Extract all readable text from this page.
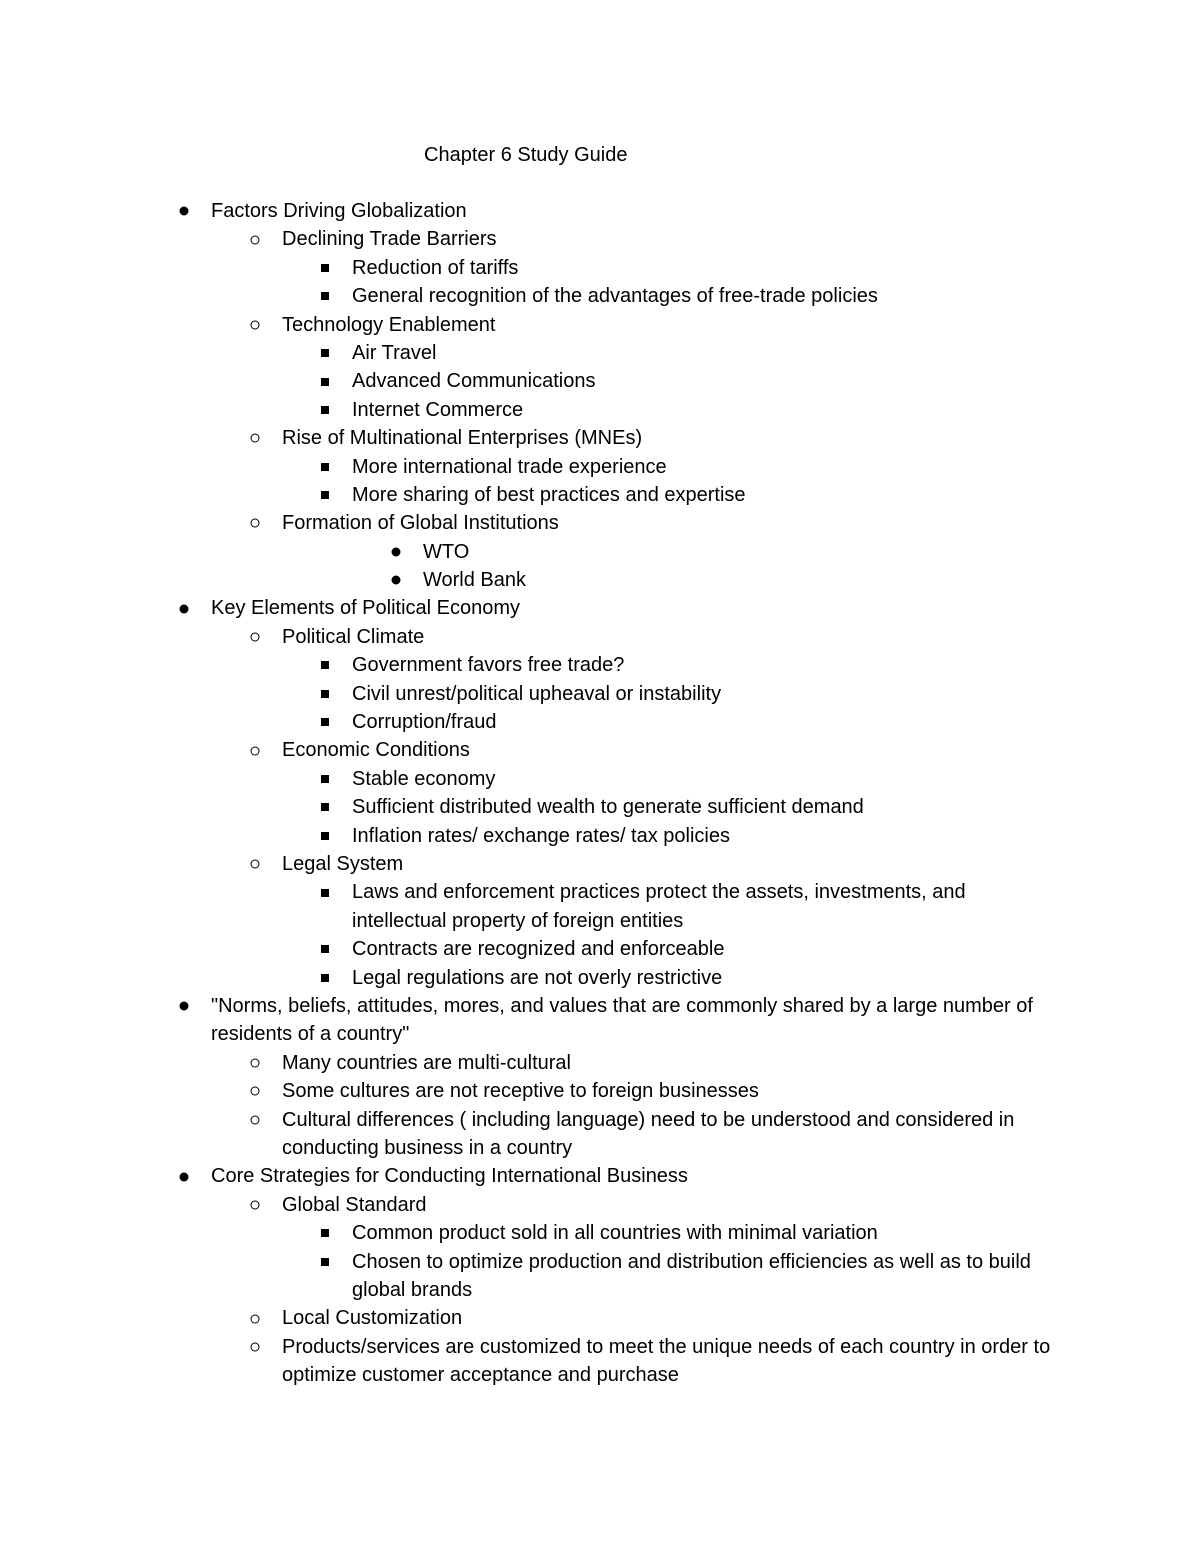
Chapter 6 Study Guide
Factors Driving Globalization
Declining Trade Barriers
Reduction of tariffs
General recognition of the advantages of free-trade policies
Technology Enablement
Air Travel
Advanced Communications
Internet Commerce
Rise of Multinational Enterprises (MNEs)
More international trade experience
More sharing of best practices and expertise
Formation of Global Institutions
WTO
World Bank
Key Elements of Political Economy
Political Climate
Government favors free trade?
Civil unrest/political upheaval or instability
Corruption/fraud
Economic Conditions
Stable economy
Sufficient distributed wealth to generate sufficient demand
Inflation rates/ exchange rates/ tax policies
Legal System
Laws and enforcement practices protect the assets, investments, and intellectual property of foreign entities
Contracts are recognized and enforceable
Legal regulations are not overly restrictive
"Norms, beliefs, attitudes, mores, and values that are commonly shared by a large number of residents of a country"
Many countries are multi-cultural
Some cultures are not receptive to foreign businesses
Cultural differences ( including language) need to be understood and considered in conducting business in a country
Core Strategies for Conducting International Business
Global Standard
Common product sold in all countries with minimal variation
Chosen to optimize production and distribution efficiencies as well as to build global brands
Local Customization
Products/services are customized to meet the unique needs of each country in order to optimize customer acceptance and purchase
